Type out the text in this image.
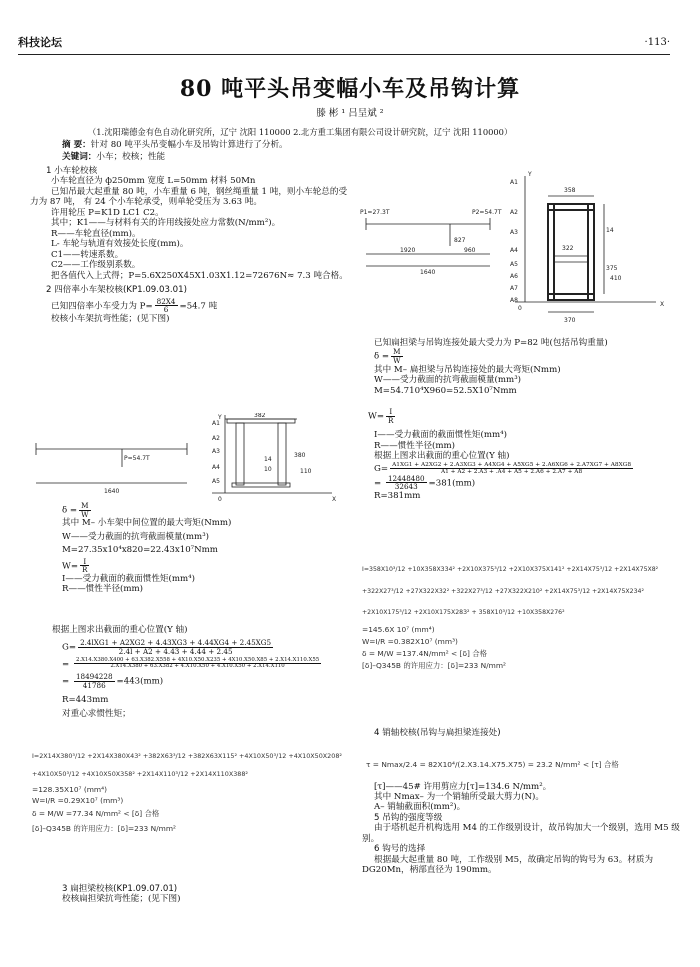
科技论坛	·113·
80 吨平头吊变幅小车及吊钩计算
滕 彬 ¹ 吕呈斌 ²
（1.沈阳瑞德金有色自动化研究所，辽宁 沈阳 110000 2.北方重工集团有限公司设计研究院，辽宁 沈阳 110000）

摘 要：针对 80 吨平头吊变幅小车及吊钩计算进行了分析。

关键词：小车；校核；性能

1 小车轮校核

小车轮直径为 ф250mm 宽度 L=50mm 材料 50Mn

已知吊最大起重量 80 吨，小车重量 6 吨，钢丝绳重量 1 吨，则小车轮总的受力为 87 吨， 有 24 个小车轮承受，则单轮受压为 3.63 吨。

许用轮压 P=K1D LC1 C2。

其中；K1——与材料有关的许用线接处应力常数(N/mm²)。

R——车轮直径(mm)。

L- 车轮与轨道有效接处长度(mm)。

C1——转速系数。

C2——工作级别系数。

把各值代入上式得；P=5.6X250X45X1.03X1.12=72676N≈ 7.3 吨合格。

2 四倍率小车架校核(KP1.09.03.01)

已知四倍率小车受力为 $P= \frac{82X4}{6} =54.7$ 吨

校核小车架抗弯性能；(见下图)

P=54.7T
1640
382
380
110
10
14
X
Y
0
A1
A2
A3
A4
A5

$\delta = \frac{M}{W}$

其中 M– 小车架中间位置的最大弯矩(Nmm)

W——受力截面的抗弯截面模量(mm³)

M=27.35x10⁴x820=22.43x10⁷Nmm

$W= \frac{I}{R}$

I——受力截面的截面惯性矩(mm⁴)

R——惯性半径(mm)

根据上图求出截面的重心位置(Y 轴)

$G= \frac{\text{2.4lXG1 + A2XG2 + 4.43XG3 + 4.44XG4 + 2.45XG5}}{2.4l + A2 + 4.43 + 4.44 + 2.45}$

= 2.X14.X380.X400 + 63.X382.X558 + 4X10.X50.X235 + 4X10.X50.X85 + 2.X14.X110.X55
2.X14.X380 + 63.X382 + 4.X10.X50 + 4.X10.X50 + 2.X14.X110

= $\frac{18494228}{41786} =443(mm)$

R=443mm

对重心求惯性矩；

I=2X14X380³/12 +2X14X380X43² +382X63³/12 +382X63X115² +4X10X50³/12 +4X10X50X208²

+4X10X50³/12 +4X10X50X358² +2X14X110³/12 +2X14X110X388²

=128.35X10⁷ (mm⁴)

W=I/R =0.29X10⁷ (mm³)

δ = M/W =77.34 N/mm² < [δ] 合格

[δ]–Q345B 的许用应力：[δ]=233 N/mm²

3 扁担梁校核(KP1.09.07.01)

校核扁担梁抗弯性能；(见下图)

P1=27.3T	P2=54.7T
827
1920	960
1640
358
370
322
375
410
14
X
Y
0
A1
A2
A3
A4
A5
A6
A7
A8

已知扁担梁与吊钩连接处最大受力为 P=82 吨(包括吊钩重量)

$\delta = \frac{M}{W}$

其中 M– 扁担梁与吊钩连接处的最大弯矩(Nmm)

W——受力截面的抗弯截面模量(mm³)

M=54.710⁴X960=52.5X10⁷Nmm

$W= \frac{I}{R}$

I——受力截面的截面惯性矩(mm⁴)

R——惯性半径(mm)

根据上图求出截面的重心位置(Y 轴)

G= A1XG1 + A2XG2 + 2.A3XG3 + A4XG4 + A5XG5 + 2.A6XG6 + 2.A7XG7 + A8XG8
A1 + A2 + 2.A3 + .A4 + A5 + 2.A6 + 2.A7 + A8

= $\frac{12448480}{32643} =381(mm)$

R=381mm

I=358X10³/12 +10X358X334² +2X10X375³/12 +2X10X375X141² +2X14X75³/12 +2X14X75X8²

+322X27³/12 +27X322X32² +322X27³/12 +27X322X210² +2X14X75³/12 +2X14X75X234²

+2X10X175³/12 +2X10X175X283² + 358X10³/12 +10X358X276²

=145.6X 10⁷ (mm⁴)

W=I/R =0.382X10⁷ (mm³)

δ = M/W =137.4N/mm² < [δ] 合格

[δ]–Q345B 的许用应力：[δ]=233 N/mm²

4 销轴校核(吊钩与扁担梁连接处)

τ = Nmax/2.4 = 82X10⁴/(2.X3.14.X75.X75) = 23.2 N/mm² < [τ] 合格

[τ]——45# 许用剪应力[τ]=134.6 N/mm²。

其中 Nmax– 为一个销轴所受最大剪力(N)。

A– 销轴截面积(mm²)。

5 吊钩的强度等级

由于塔机起升机构选用 M4 的工作级别设计，故吊钩加大一个级别，选用 M5 级别。

6 钩号的选择

根据最大起重量 80 吨，工作级别 M5，故确定吊钩的钩号为 63。材质为 DG20Mn，柄部直径为 190mm。
